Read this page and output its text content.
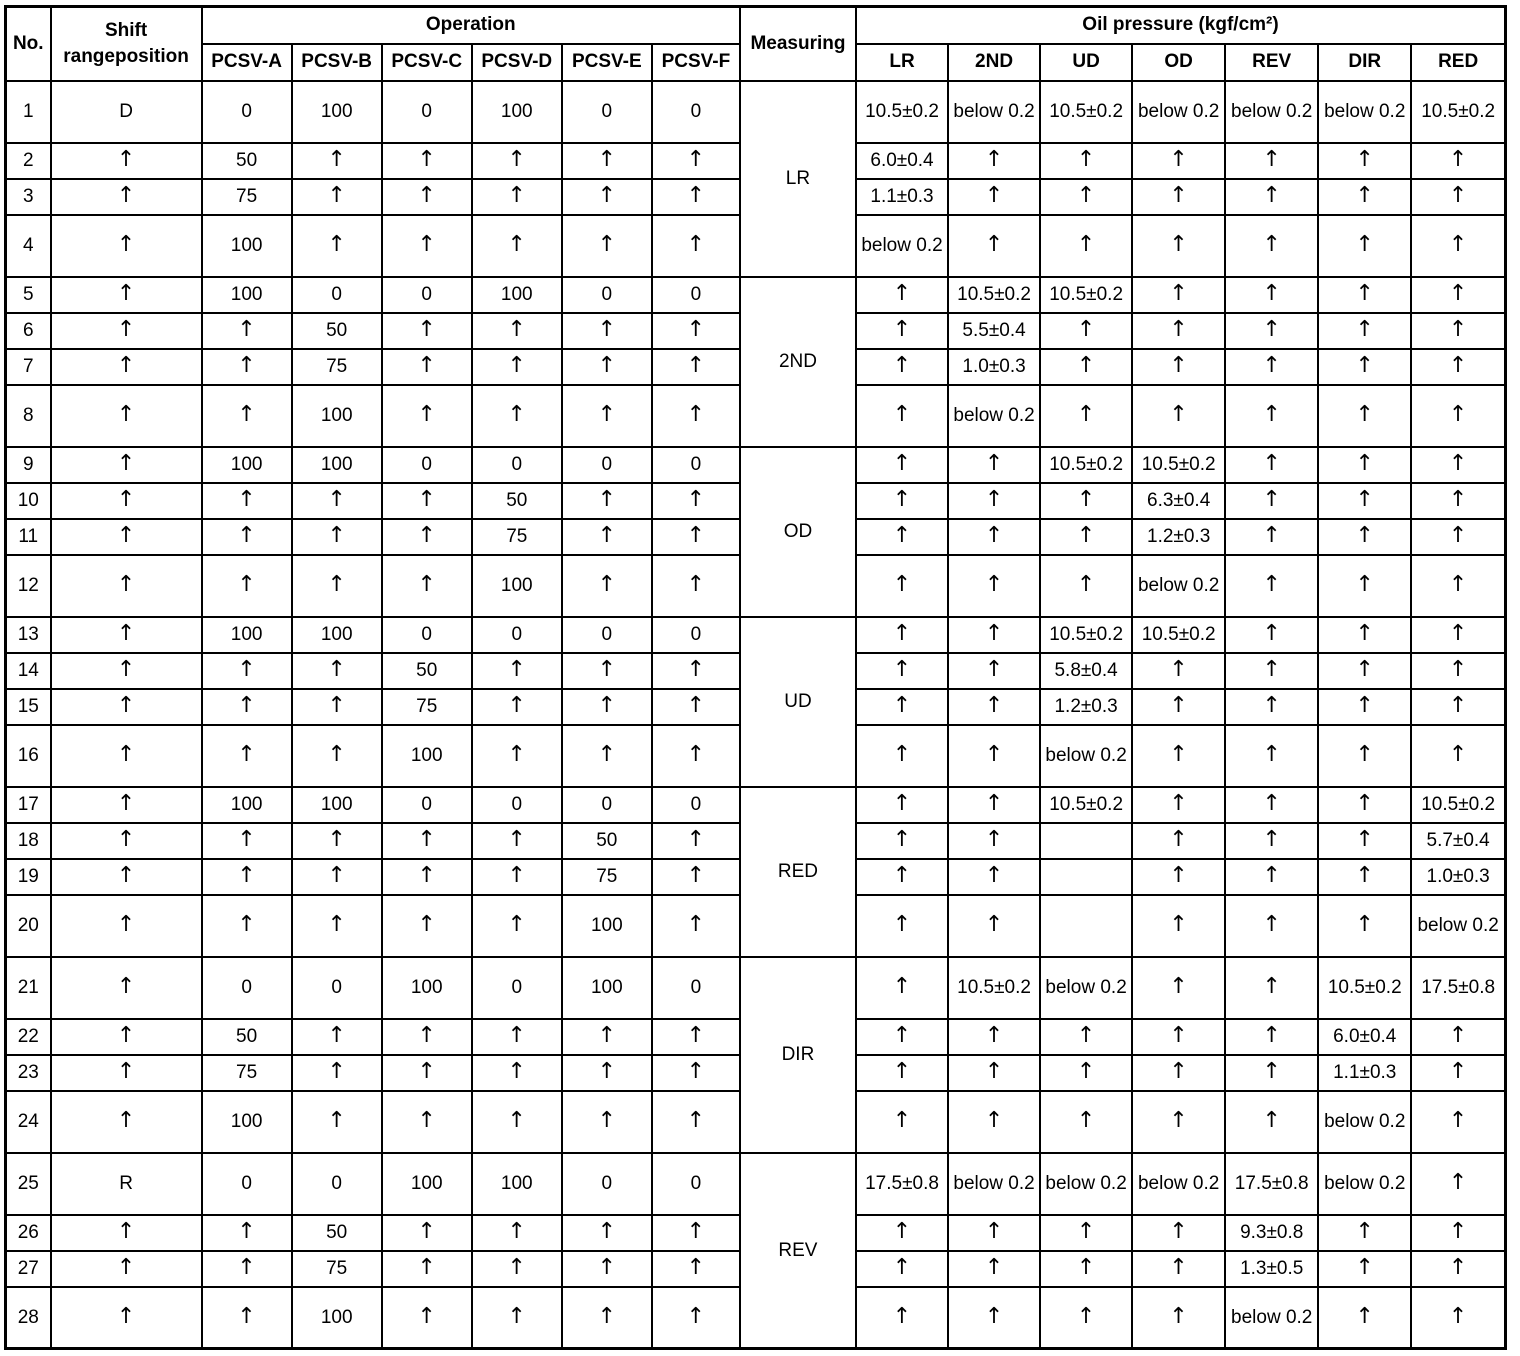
No.	Shift
rangeposition	Operation						Measuring	Oil pressure (kgf/cm²)						
		PCSV-A	PCSV-B	PCSV-C	PCSV-D	PCSV-E	PCSV-F		LR	2ND	UD	OD	REV	DIR	RED
1	D	0	100	0	100	0	0	LR	10.5±0.2	below 0.2	10.5±0.2	below 0.2	below 0.2	below 0.2	10.5±0.2
2	↑	50	↑	↑	↑	↑	↑		6.0±0.4	↑	↑	↑	↑	↑	↑
3	↑	75	↑	↑	↑	↑	↑		1.1±0.3	↑	↑	↑	↑	↑	↑
4	↑	100	↑	↑	↑	↑	↑		below 0.2	↑	↑	↑	↑	↑	↑
5	↑	100	0	0	100	0	0	2ND	↑	10.5±0.2	10.5±0.2	↑	↑	↑	↑
6	↑	↑	50	↑	↑	↑	↑		↑	5.5±0.4	↑	↑	↑	↑	↑
7	↑	↑	75	↑	↑	↑	↑		↑	1.0±0.3	↑	↑	↑	↑	↑
8	↑	↑	100	↑	↑	↑	↑		↑	below 0.2	↑	↑	↑	↑	↑
9	↑	100	100	0	0	0	0	OD	↑	↑	10.5±0.2	10.5±0.2	↑	↑	↑
10	↑	↑	↑	↑	50	↑	↑		↑	↑	↑	6.3±0.4	↑	↑	↑
11	↑	↑	↑	↑	75	↑	↑		↑	↑	↑	1.2±0.3	↑	↑	↑
12	↑	↑	↑	↑	100	↑	↑		↑	↑	↑	below 0.2	↑	↑	↑
13	↑	100	100	0	0	0	0	UD	↑	↑	10.5±0.2	10.5±0.2	↑	↑	↑
14	↑	↑	↑	50	↑	↑	↑		↑	↑	5.8±0.4	↑	↑	↑	↑
15	↑	↑	↑	75	↑	↑	↑		↑	↑	1.2±0.3	↑	↑	↑	↑
16	↑	↑	↑	100	↑	↑	↑		↑	↑	below 0.2	↑	↑	↑	↑
17	↑	100	100	0	0	0	0	RED	↑	↑	10.5±0.2	↑	↑	↑	10.5±0.2
18	↑	↑	↑	↑	↑	50	↑		↑	↑		↑	↑	↑	5.7±0.4
19	↑	↑	↑	↑	↑	75	↑		↑	↑		↑	↑	↑	1.0±0.3
20	↑	↑	↑	↑	↑	100	↑		↑	↑		↑	↑	↑	below 0.2
21	↑	0	0	100	0	100	0	DIR	↑	10.5±0.2	below 0.2	↑	↑	10.5±0.2	17.5±0.8
22	↑	50	↑	↑	↑	↑	↑		↑	↑	↑	↑	↑	6.0±0.4	↑
23	↑	75	↑	↑	↑	↑	↑		↑	↑	↑	↑	↑	1.1±0.3	↑
24	↑	100	↑	↑	↑	↑	↑		↑	↑	↑	↑	↑	below 0.2	↑
25	R	0	0	100	100	0	0	REV	17.5±0.8	below 0.2	below 0.2	below 0.2	17.5±0.8	below 0.2	↑
26	↑	↑	50	↑	↑	↑	↑		↑	↑	↑	↑	9.3±0.8	↑	↑
27	↑	↑	75	↑	↑	↑	↑		↑	↑	↑	↑	1.3±0.5	↑	↑
28	↑	↑	100	↑	↑	↑	↑		↑	↑	↑	↑	below 0.2	↑	↑
